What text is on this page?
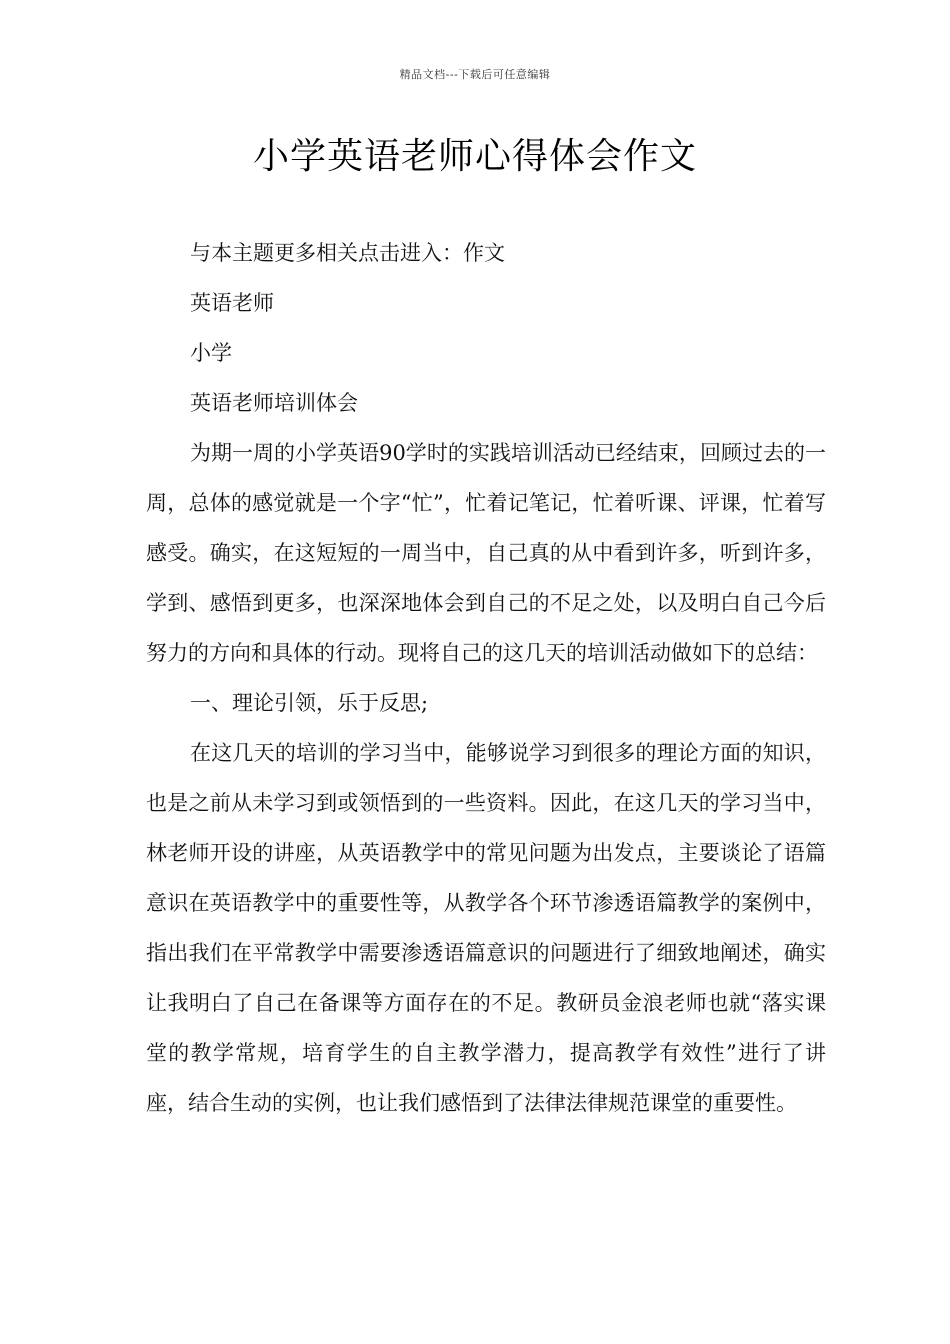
精品文档---下载后可任意编辑
小学英语老师心得体会作文

与本主题更多相关点击进入：作文

英语老师

小学

英语老师培训体会

为期一周的小学英语90学时的实践培训活动已经结束，回顾过去的一周，总体的感觉就是一个字“忙”，忙着记笔记，忙着听课、评课，忙着写感受。确实，在这短短的一周当中，自己真的从中看到许多，听到许多，学到、感悟到更多，也深深地体会到自己的不足之处，以及明白自己今后努力的方向和具体的行动。现将自己的这几天的培训活动做如下的总结：

一、理论引领，乐于反思;

在这几天的培训的学习当中，能够说学习到很多的理论方面的知识，也是之前从未学习到或领悟到的一些资料。因此，在这几天的学习当中，林老师开设的讲座，从英语教学中的常见问题为出发点，主要谈论了语篇意识在英语教学中的重要性等，从教学各个环节渗透语篇教学的案例中，指出我们在平常教学中需要渗透语篇意识的问题进行了细致地阐述，确实让我明白了自己在备课等方面存在的不足。教研员金浪老师也就“落实课堂的教学常规，培育学生的自主教学潜力，提高教学有效性”进行了讲座，结合生动的实例，也让我们感悟到了法律法律规范课堂的重要性。
